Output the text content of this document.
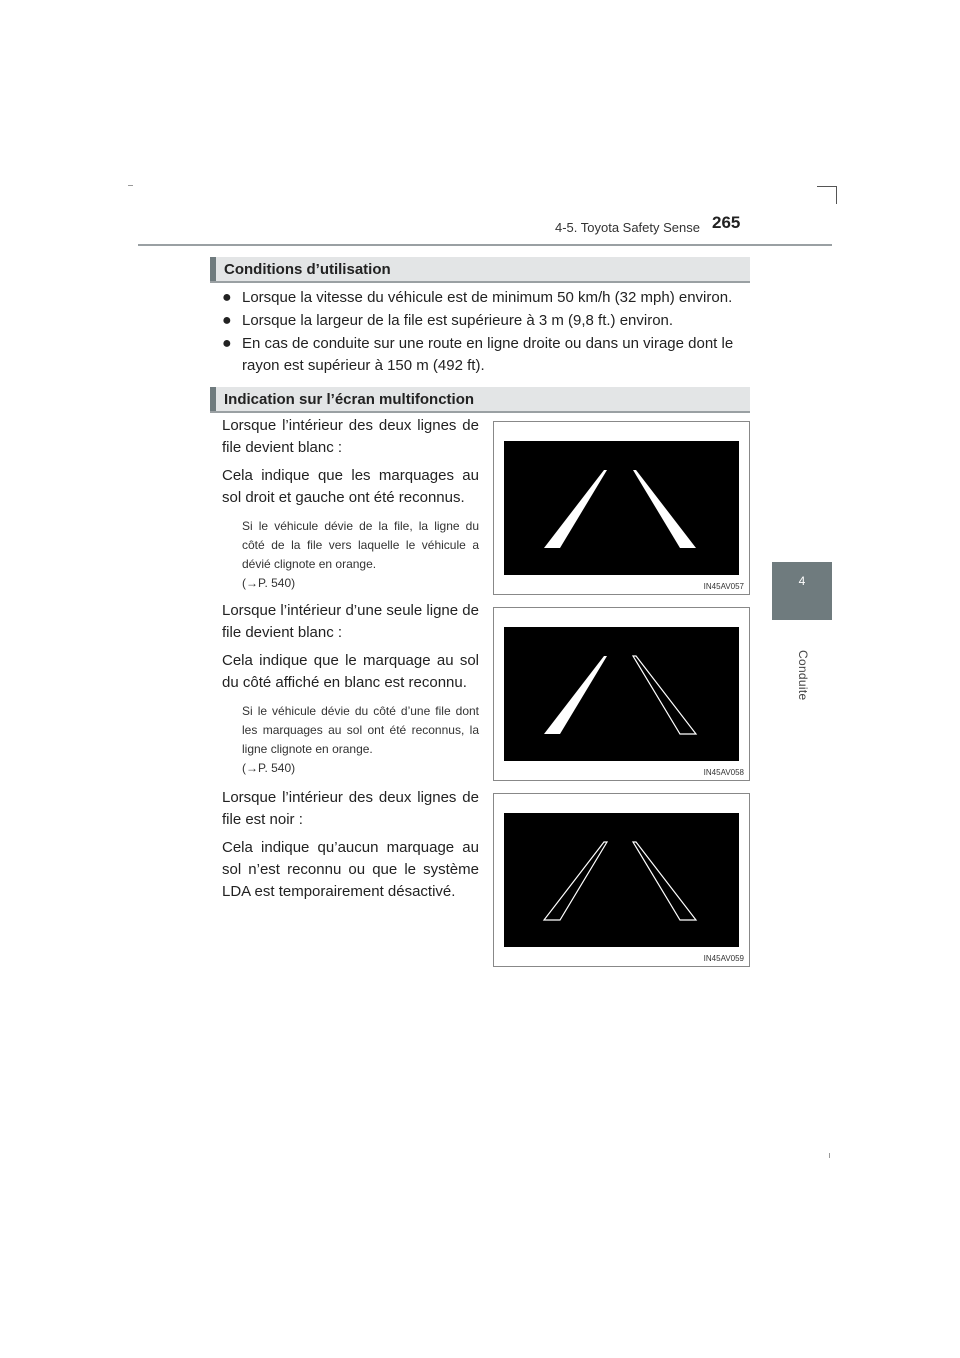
4-5. Toyota Safety Sense 265
4
Conduite
Conditions d’utilisation
● Lorsque la vitesse du véhicule est de minimum 50 km/h (32 mph) environ.
● Lorsque la largeur de la file est supérieure à 3 m (9,8 ft.) environ.
● En cas de conduite sur une route en ligne droite ou dans un virage dont le rayon est supérieur à 150 m (492 ft).
Indication sur l’écran multifonction

Lorsque l’intérieur des deux lignes de file devient blanc :

Cela indique que les marquages au sol droit et gauche ont été reconnus.

Si le véhicule dévie de la file, la ligne du côté de la file vers laquelle le véhicule a dévié clignote en orange.
(→P. 540)	IN45AV057

Lorsque l’intérieur d’une seule ligne de file devient blanc :

Cela indique que le marquage au sol du côté affiché en blanc est reconnu.

Si le véhicule dévie du côté d’une file dont les marquages au sol ont été reconnus, la ligne clignote en orange.
(→P. 540)	IN45AV058

Lorsque l’intérieur des deux lignes de file est noir :

Cela indique qu’aucun marquage au sol n’est reconnu ou que le système LDA est temporairement désactivé.

IN45AV059
